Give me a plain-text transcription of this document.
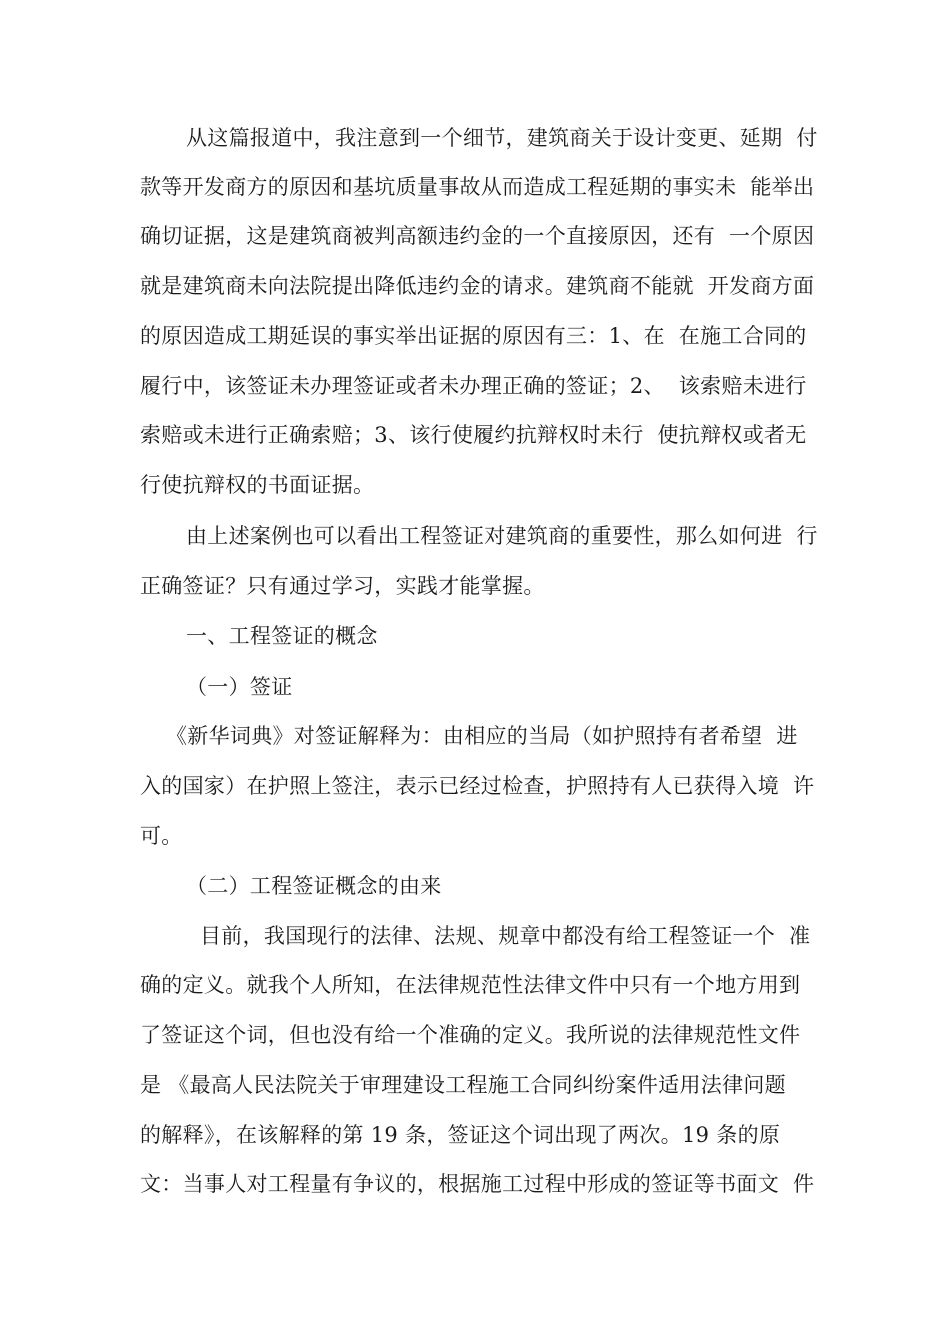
从这篇报道中，我注意到一个细节，建筑商关于设计变更、延期  付
款等开发商方的原因和基坑质量事故从而造成工程延期的事实未  能举出
确切证据，这是建筑商被判高额违约金的一个直接原因，还有  一个原因
就是建筑商未向法院提出降低违约金的请求。建筑商不能就  开发商方面
的原因造成工期延误的事实举出证据的原因有三：1、在  在施工合同的
履行中，该签证未办理签证或者未办理正确的签证；2、  该索赔未进行
索赔或未进行正确索赔；3、该行使履约抗辩权时未行  使抗辩权或者无
行使抗辩权的书面证据。
由上述案例也可以看出工程签证对建筑商的重要性，那么如何进  行
正确签证？只有通过学习，实践才能掌握。
一、工程签证的概念
（一）签证
《新华词典》对签证解释为：由相应的当局（如护照持有者希望  进
入的国家）在护照上签注，表示已经过检查，护照持有人已获得入境  许
可。
（二）工程签证概念的由来
目前，我国现行的法律、法规、规章中都没有给工程签证一个  准
确的定义。就我个人所知，在法律规范性法律文件中只有一个地方用到
了签证这个词，但也没有给一个准确的定义。我所说的法律规范性文件
是 《最高人民法院关于审理建设工程施工合同纠纷案件适用法律问题
的解释》，在该解释的第 19 条，签证这个词出现了两次。19 条的原
文：当事人对工程量有争议的，根据施工过程中形成的签证等书面文  件
